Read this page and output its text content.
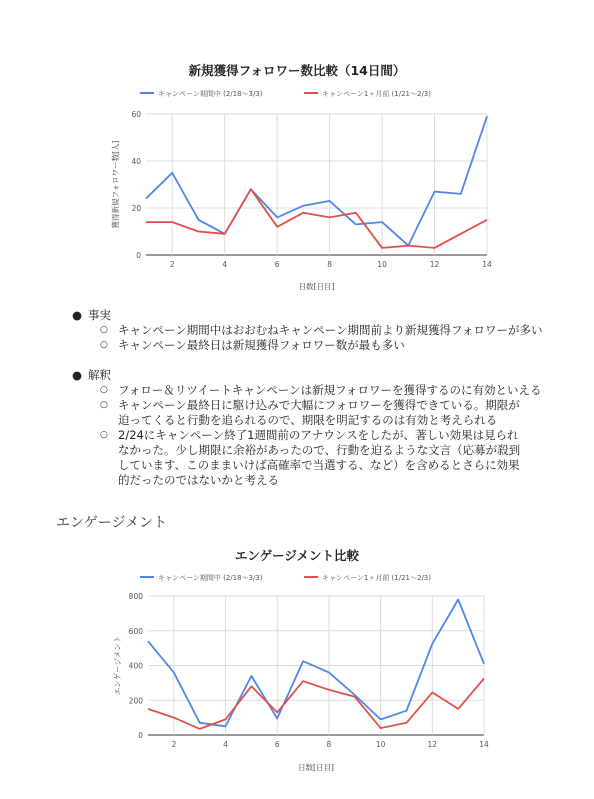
新規獲得フォロワー数比較（14日間）
キャンペーン期間中 (2/18〜3/3)	キャンペーン1ヶ月前 (1/21〜2/3)
0
20
40
60
2	4	6	8	10	12	14
日数[日目]
獲得新規フォロワー数[人]
● 事実
○ キャンペーン期間中はおおむねキャンペーン期間前より新規獲得フォロワーが多い
○ キャンペーン最終日は新規獲得フォロワー数が最も多い
● 解釈
○ フォロー＆リツイートキャンペーンは新規フォロワーを獲得するのに有効といえる
○ キャンペーン最終日に駆け込みで大幅にフォロワーを獲得できている。期限が
迫ってくると行動を追られるので、期限を明記するのは有効と考えられる
○ 2/24にキャンペーン終了1週間前のアナウンスをしたが、著しい効果は見られ
なかった。少し期限に余裕があったので、行動を迫るような文言（応募が殺到
しています、このままいけば高確率で当選する、など）を含めるとさらに効果
的だったのではないかと考える
エンゲージメント
エンゲージメント比較
キャンペーン期間中 (2/18〜3/3)	キャンペーン1ヶ月前 (1/21〜2/3)
0
200
400
600
800
2	4	6	8	10	12	14
日数[日目]
エンゲージメント
